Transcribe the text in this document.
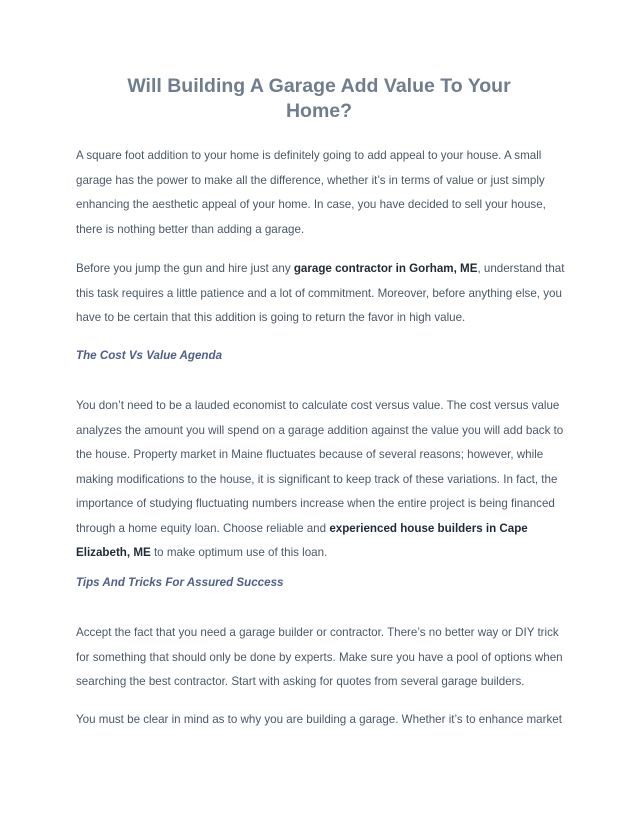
Will Building A Garage Add Value To Your
Home?

A square foot addition to your home is definitely going to add appeal to your house. A small
garage has the power to make all the difference, whether it’s in terms of value or just simply
enhancing the aesthetic appeal of your home. In case, you have decided to sell your house,
there is nothing better than adding a garage.

Before you jump the gun and hire just any garage contractor in Gorham, ME, understand that
this task requires a little patience and a lot of commitment. Moreover, before anything else, you
have to be certain that this addition is going to return the favor in high value.

The Cost Vs Value Agenda

You don’t need to be a lauded economist to calculate cost versus value. The cost versus value
analyzes the amount you will spend on a garage addition against the value you will add back to
the house. Property market in Maine fluctuates because of several reasons; however, while
making modifications to the house, it is significant to keep track of these variations. In fact, the
importance of studying fluctuating numbers increase when the entire project is being financed
through a home equity loan. Choose reliable and experienced house builders in Cape
Elizabeth, ME to make optimum use of this loan.

Tips And Tricks For Assured Success

Accept the fact that you need a garage builder or contractor. There’s no better way or DIY trick
for something that should only be done by experts. Make sure you have a pool of options when
searching the best contractor. Start with asking for quotes from several garage builders.

You must be clear in mind as to why you are building a garage. Whether it’s to enhance market
